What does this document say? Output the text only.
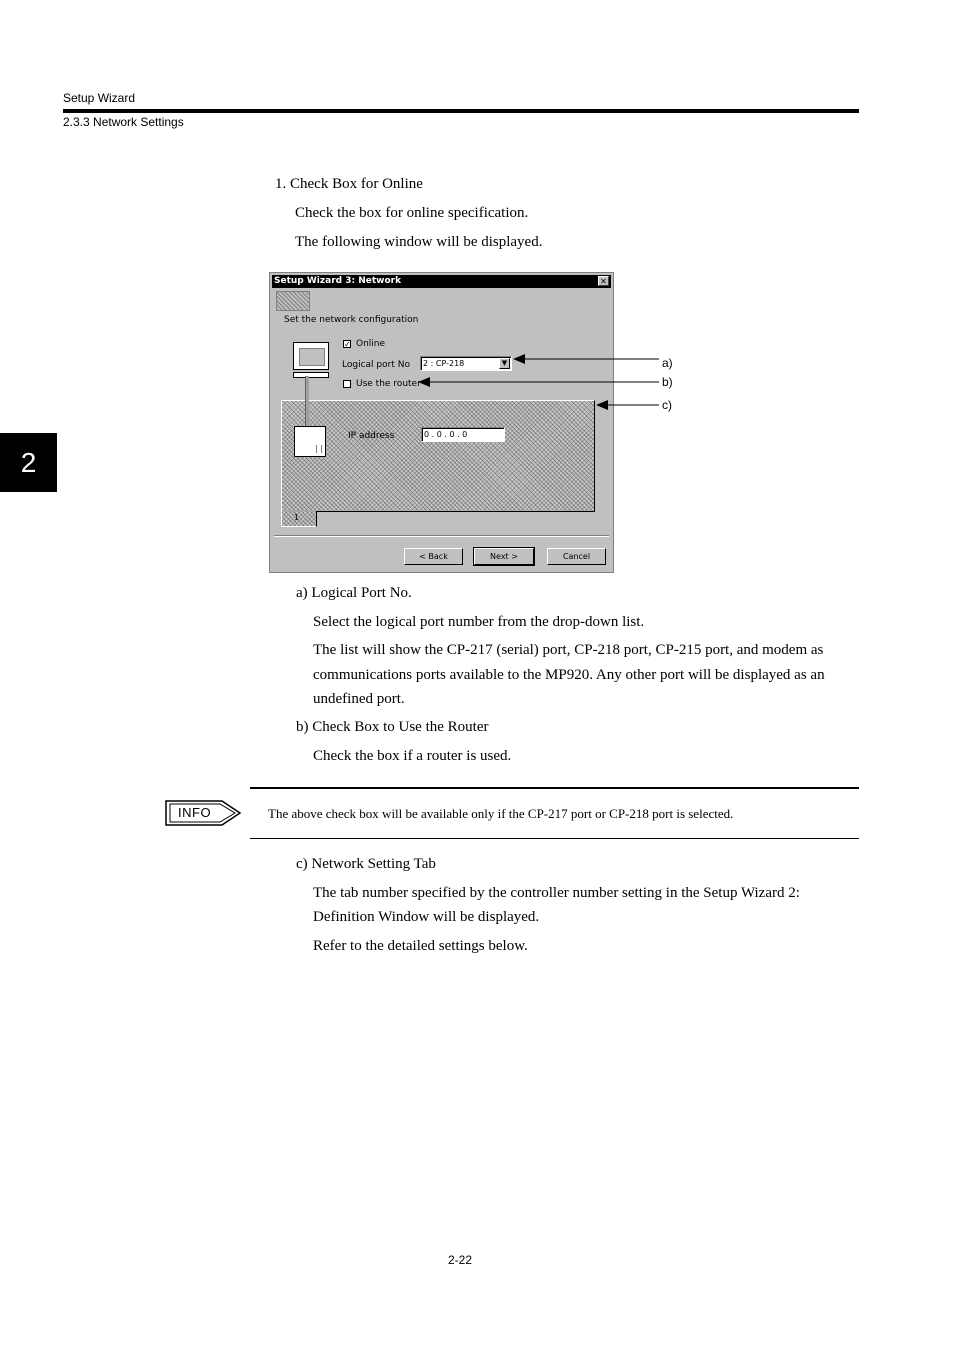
Setup Wizard
2.3.3 Network Settings
2
1. Check Box for Online
Check the box for online specification.
The following window will be displayed.
Setup Wizard 3: Network	✕
Set the network configuration
✓ Online
Logical port No	2 : CP-218	▼
Use the router
1
IP address	0 . 0 . 0 . 0
< Back	Next >	Cancel
a)
b)
c)
a) Logical Port No.
Select the logical port number from the drop-down list.
The list will show the CP-217 (serial) port, CP-218 port, CP-215 port, and modem as
communications ports available to the MP920. Any other port will be displayed as an
undefined port.
b) Check Box to Use the Router
Check the box if a router is used.
INFO	The above check box will be available only if the CP-217 port or CP-218 port is selected.
c) Network Setting Tab
The tab number specified by the controller number setting in the Setup Wizard 2:
Definition Window will be displayed.
Refer to the detailed settings below.
2-22
